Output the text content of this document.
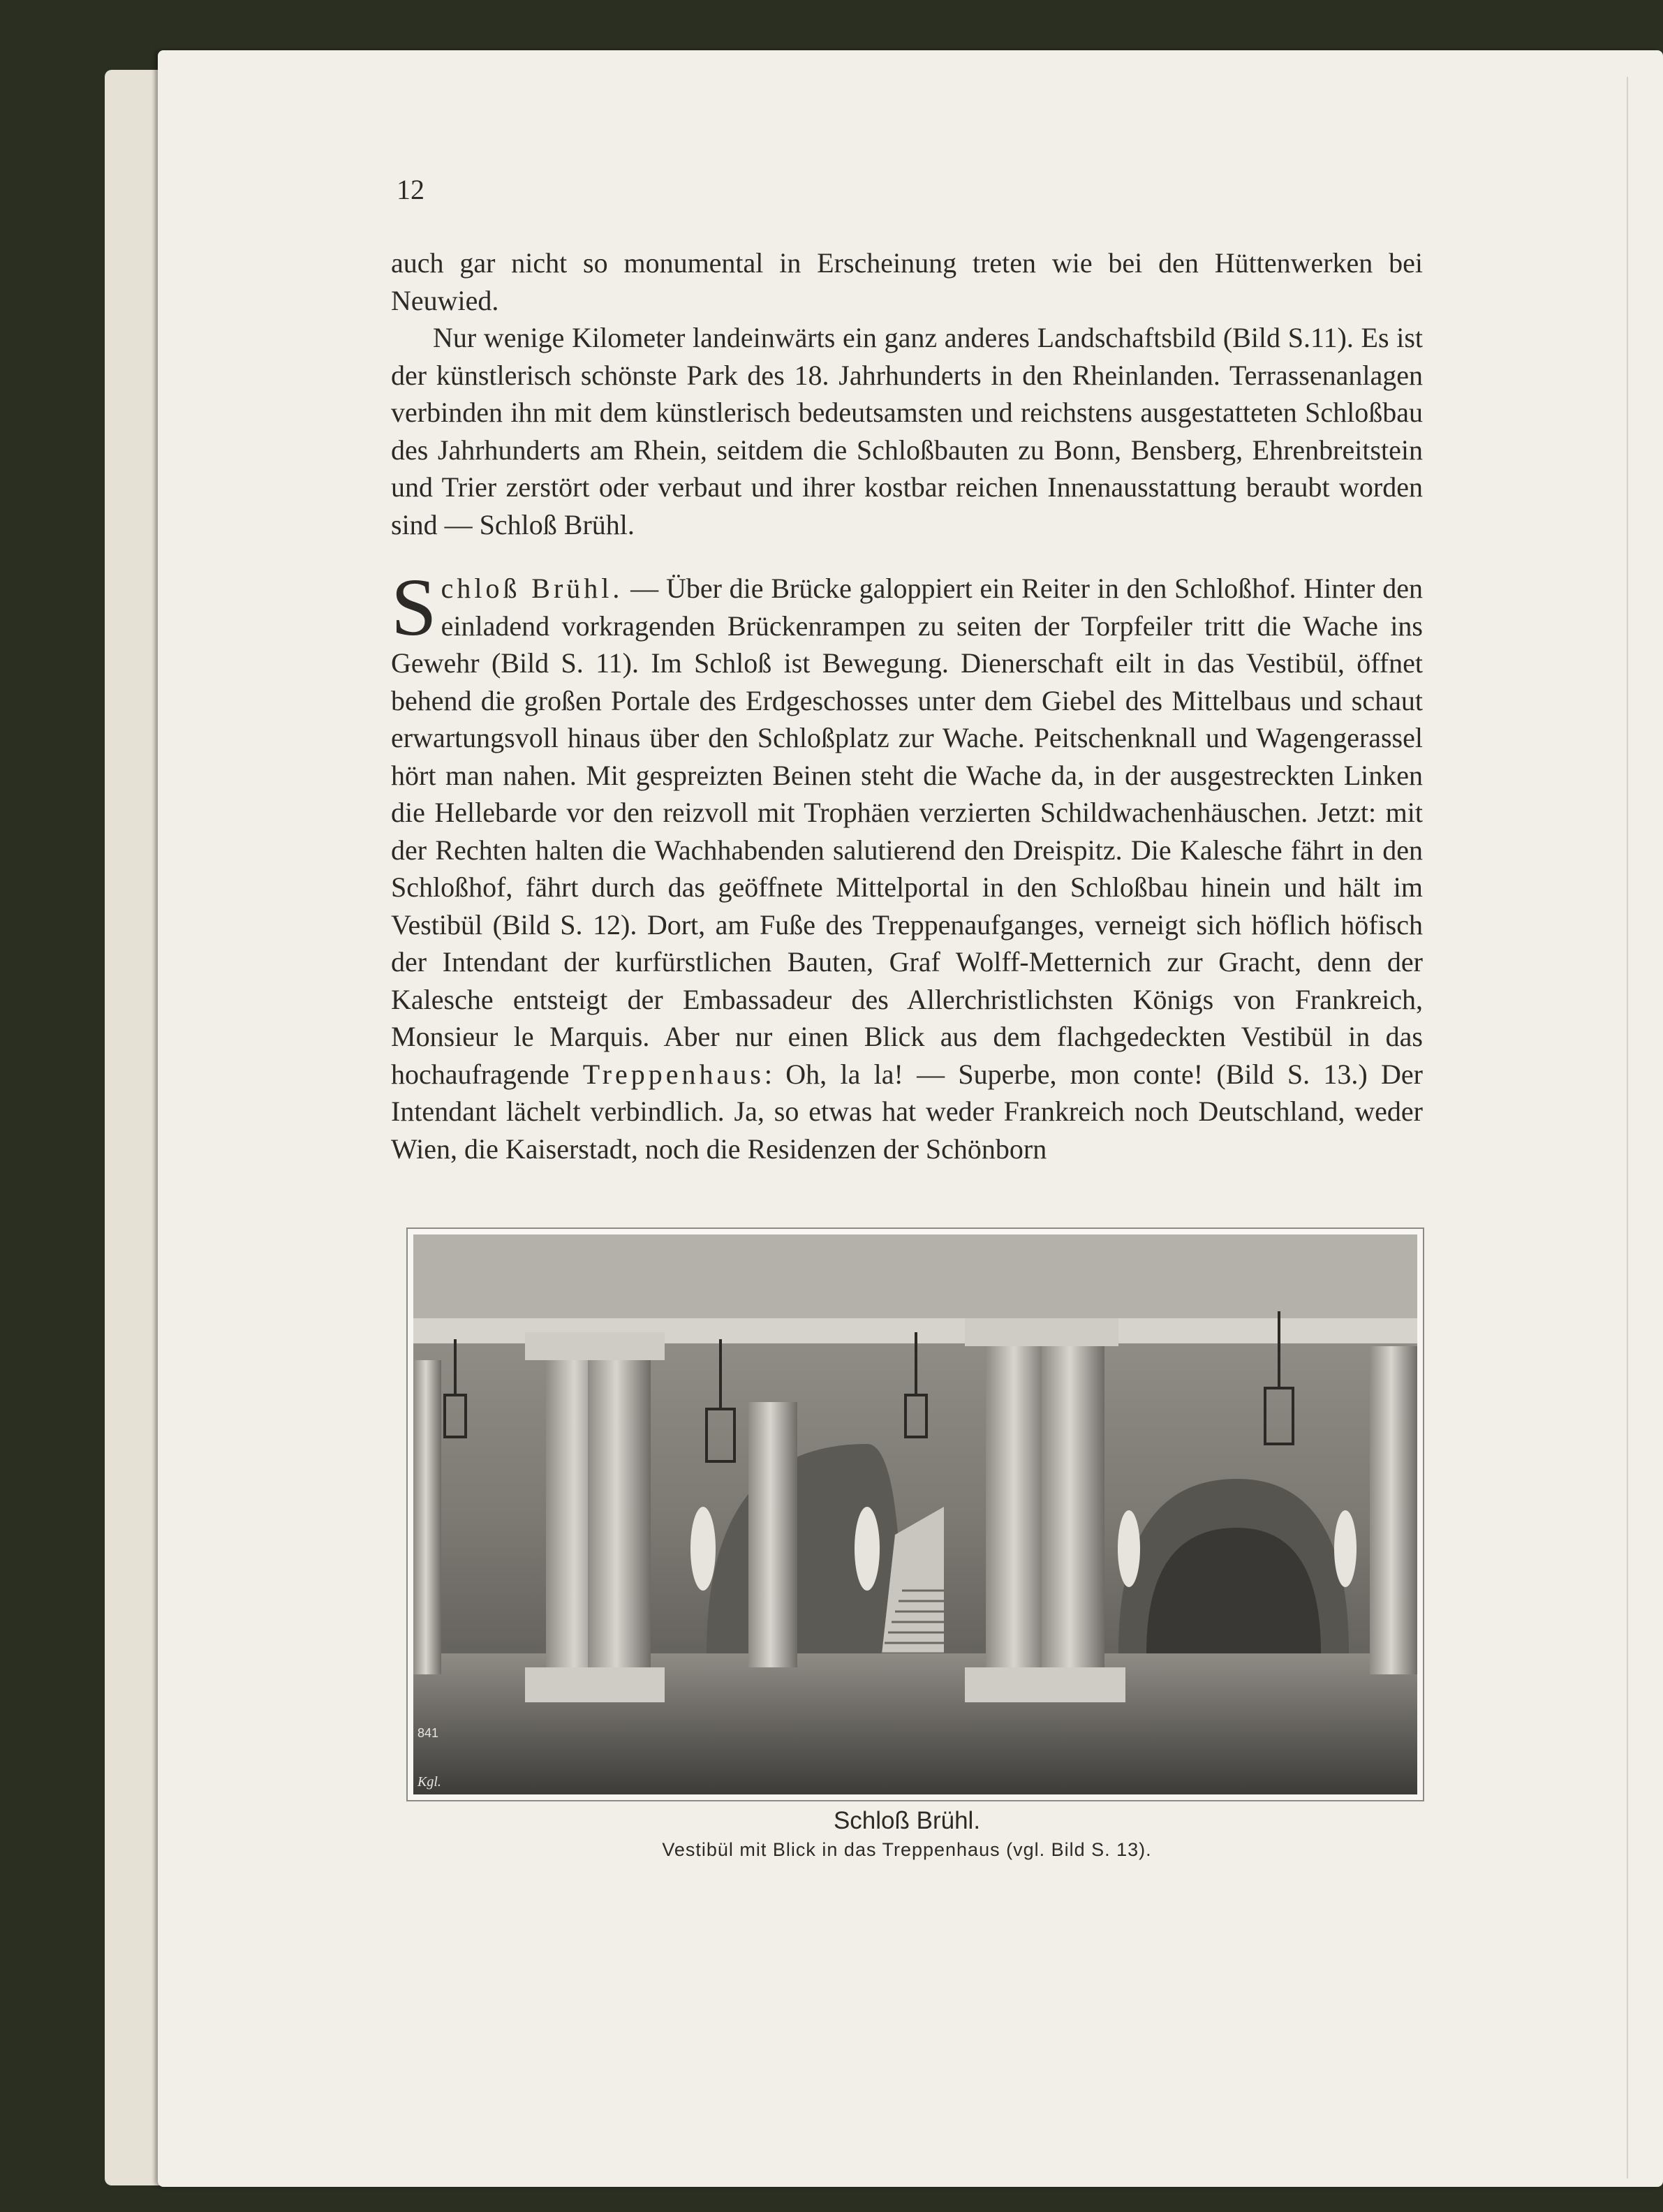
12

auch gar nicht so monumental in Erscheinung treten wie bei den Hüttenwerken bei Neuwied.

Nur wenige Kilometer landeinwärts ein ganz anderes Landschaftsbild (Bild S.11). Es ist der künstlerisch schönste Park des 18. Jahrhunderts in den Rheinlanden. Terrassenanlagen verbinden ihn mit dem künstlerisch bedeutsamsten und reichstens ausgestatteten Schloßbau des Jahrhunderts am Rhein, seitdem die Schloßbauten zu Bonn, Bensberg, Ehrenbreitstein und Trier zerstört oder verbaut und ihrer kostbar reichen Innenausstattung beraubt worden sind — Schloß Brühl.

Schloß Brühl. — Über die Brücke galoppiert ein Reiter in den Schloßhof. Hinter den einladend vorkragenden Brückenrampen zu seiten der Torpfeiler tritt die Wache ins Gewehr (Bild S. 11). Im Schloß ist Bewegung. Dienerschaft eilt in das Vestibül, öffnet behend die großen Portale des Erdgeschosses unter dem Giebel des Mittelbaus und schaut erwartungsvoll hinaus über den Schloßplatz zur Wache. Peitschenknall und Wagengerassel hört man nahen. Mit gespreizten Beinen steht die Wache da, in der ausgestreckten Linken die Hellebarde vor den reizvoll mit Trophäen verzierten Schildwachenhäuschen. Jetzt: mit der Rechten halten die Wachhabenden salutierend den Dreispitz. Die Kalesche fährt in den Schloßhof, fährt durch das geöffnete Mittelportal in den Schloßbau hinein und hält im Vestibül (Bild S. 12). Dort, am Fuße des Treppenaufganges, verneigt sich höflich höfisch der Intendant der kurfürstlichen Bauten, Graf Wolff-Metternich zur Gracht, denn der Kalesche entsteigt der Embassadeur des Allerchristlichsten Königs von Frankreich, Monsieur le Marquis. Aber nur einen Blick aus dem flachgedeckten Vestibül in das hochaufragende Treppenhaus: Oh, la la! — Superbe, mon conte! (Bild S. 13.) Der Intendant lächelt verbindlich. Ja, so etwas hat weder Frankreich noch Deutschland, weder Wien, die Kaiserstadt, noch die Residenzen der Schönborn

841
Kgl.
Schloß Brühl.
Vestibül mit Blick in das Treppenhaus (vgl. Bild S. 13).
